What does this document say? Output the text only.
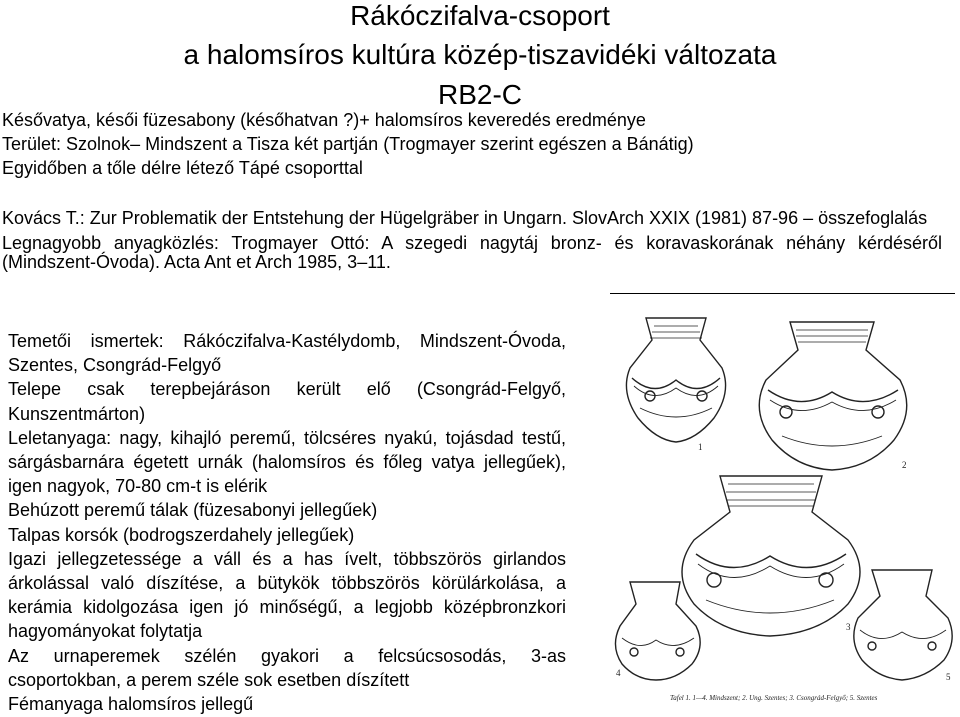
Rákóczifalva-csoport
a halomsíros kultúra közép-tiszavidéki változata
RB2-C

Késővatya, késői füzesabony (későhatvan ?)+ halomsíros keveredés eredménye

Terület: Szolnok– Mindszent a Tisza két partján (Trogmayer szerint egészen a Bánátig)

Egyidőben a tőle délre létező Tápé csoporttal

Kovács T.: Zur Problematik der Entstehung der Hügelgräber in Ungarn. SlovArch XXIX (1981) 87-96 – összefoglalás

Legnagyobb anyagközlés: Trogmayer Ottó: A szegedi nagytáj bronz- és koravaskorának néhány kérdéséről (Mindszent-Óvoda). Acta Ant et Arch 1985, 3–11.

Temetői ismertek: Rákóczifalva-Kastélydomb, Mindszent-Óvoda, Szentes, Csongrád-Felgyő

Telepe csak terepbejáráson került elő (Csongrád-Felgyő, Kunszentmárton)

Leletanyaga: nagy, kihajló peremű, tölcséres nyakú, tojásdad testű, sárgásbarnára égetett urnák (halomsíros és főleg vatya jellegűek), igen nagyok, 70-80 cm-t is elérik

Behúzott peremű tálak (füzesabonyi jellegűek)

Talpas korsók (bodrogszerdahely jellegűek)

Igazi jellegzetessége a váll és a has ívelt, többszörös girlandos árkolással való díszítése, a bütykök többszörös körülárkolása, a kerámia kidolgozása igen jó minőségű, a legjobb középbronzkori hagyományokat folytatja

Az urnaperemek szélén gyakori a felcsúcsosodás, 3-as csoportokban, a perem széle sok esetben díszített

Fémanyaga halomsíros jellegű

1
2
3
4	5
Tafel 1. 1—4. Mindszent; 2. Ung. Szentes; 3. Csongrád-Felgyő; 5. Szentes
